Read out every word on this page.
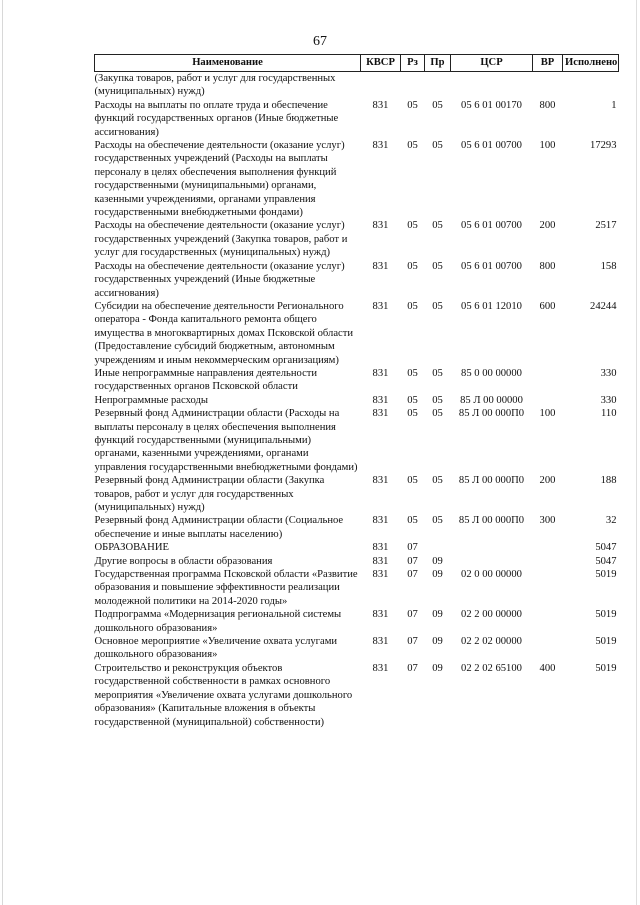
67
Наименование	КВСР	Рз	Пр	ЦСР	ВР	Исполнено
(Закупка товаров, работ и услуг для государственных (муниципальных) нужд)						
Расходы на выплаты по оплате труда и обеспечение функций государственных органов (Иные бюджетные ассигнования)	831	05	05	05 6 01 00170	800	1
Расходы на обеспечение деятельности (оказание услуг) государственных учреждений (Расходы на выплаты персоналу в целях обеспечения выполнения функций государственными (муниципальными) органами, казенными учреждениями, органами управления государственными внебюджетными фондами)	831	05	05	05 6 01 00700	100	17293
Расходы на обеспечение деятельности (оказание услуг) государственных учреждений (Закупка товаров, работ и услуг для государственных (муниципальных) нужд)	831	05	05	05 6 01 00700	200	2517
Расходы на обеспечение деятельности (оказание услуг) государственных учреждений (Иные бюджетные ассигнования)	831	05	05	05 6 01 00700	800	158
Субсидии на обеспечение деятельности Регионального оператора - Фонда капитального ремонта общего имущества в многоквартирных домах Псковской области (Предоставление субсидий бюджетным, автономным учреждениям и иным некоммерческим организациям)	831	05	05	05 6 01 12010	600	24244
Иные непрограммные направления деятельности государственных органов Псковской области	831	05	05	85 0 00 00000		330
Непрограммные расходы	831	05	05	85 Л 00 00000		330
Резервный фонд Администрации области (Расходы на выплаты персоналу в целях обеспечения выполнения функций государственными (муниципальными) органами, казенными учреждениями, органами управления государственными внебюджетными фондами)	831	05	05	85 Л 00 000П0	100	110
Резервный фонд Администрации области (Закупка товаров, работ и услуг для государственных (муниципальных) нужд)	831	05	05	85 Л 00 000П0	200	188
Резервный фонд Администрации области (Социальное обеспечение и иные выплаты населению)	831	05	05	85 Л 00 000П0	300	32
ОБРАЗОВАНИЕ	831	07				5047
Другие вопросы в области образования	831	07	09			5047
Государственная программа Псковской области «Развитие образования и повышение эффективности реализации молодежной политики на 2014-2020 годы»	831	07	09	02 0 00 00000		5019
Подпрограмма «Модернизация региональной системы дошкольного образования»	831	07	09	02 2 00 00000		5019
Основное мероприятие «Увеличение охвата услугами дошкольного образования»	831	07	09	02 2 02 00000		5019
Строительство и реконструкция объектов государственной собственности в рамках основного мероприятия «Увеличение охвата услугами дошкольного образования» (Капитальные вложения в объекты государственной (муниципальной) собственности)	831	07	09	02 2 02 65100	400	5019
